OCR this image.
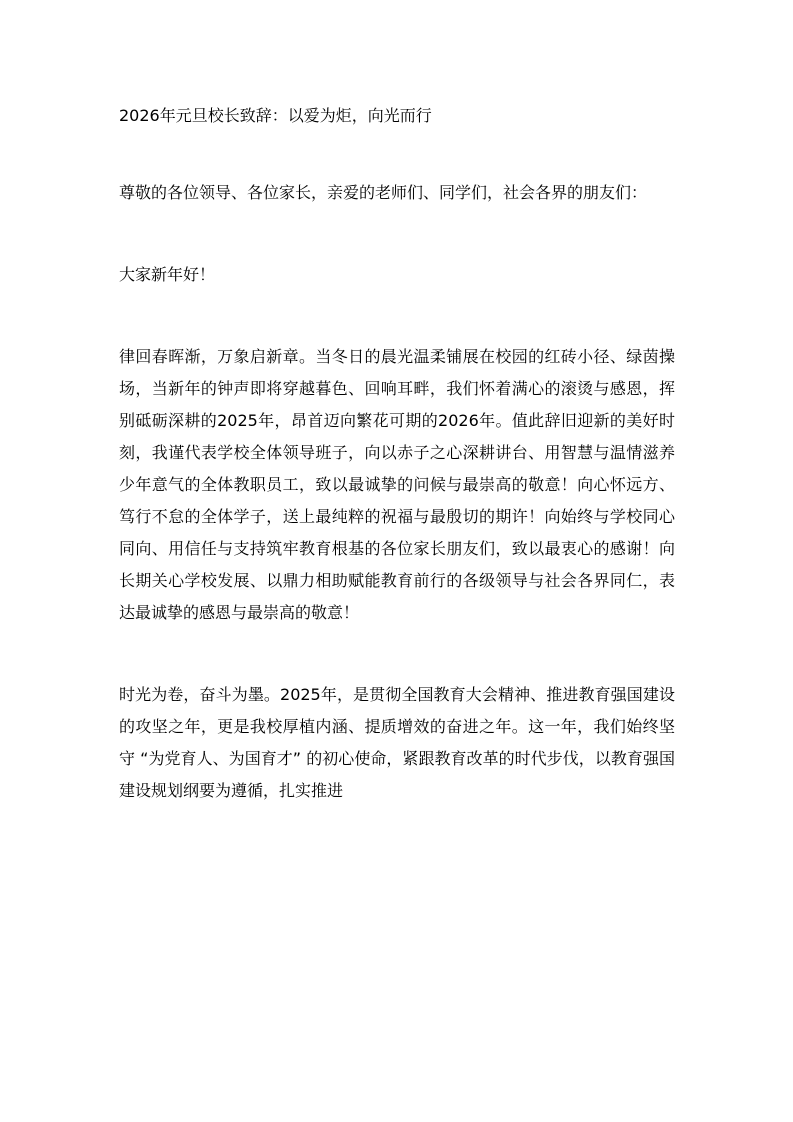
2026年元旦校长致辞：以爱为炬，向光而行

尊敬的各位领导、各位家长，亲爱的老师们、同学们，社会各界的朋友们：

大家新年好！

律回春晖渐，万象启新章。当冬日的晨光温柔铺展在校园的红砖小径、绿茵操场，当新年的钟声即将穿越暮色、回响耳畔，我们怀着满心的滚烫与感恩，挥别砥砺深耕的2025年，昂首迈向繁花可期的2026年。值此辞旧迎新的美好时刻，我谨代表学校全体领导班子，向以赤子之心深耕讲台、用智慧与温情滋养少年意气的全体教职员工，致以最诚挚的问候与最崇高的敬意！向心怀远方、笃行不怠的全体学子，送上最纯粹的祝福与最殷切的期许！向始终与学校同心同向、用信任与支持筑牢教育根基的各位家长朋友们，致以最衷心的感谢！向长期关心学校发展、以鼎力相助赋能教育前行的各级领导与社会各界同仁，表达最诚挚的感恩与最崇高的敬意！

时光为卷，奋斗为墨。2025年，是贯彻全国教育大会精神、推进教育强国建设的攻坚之年，更是我校厚植内涵、提质增效的奋进之年。这一年，我们始终坚守 “为党育人、为国育才” 的初心使命，紧跟教育改革的时代步伐，以教育强国建设规划纲要为遵循，扎实推进
